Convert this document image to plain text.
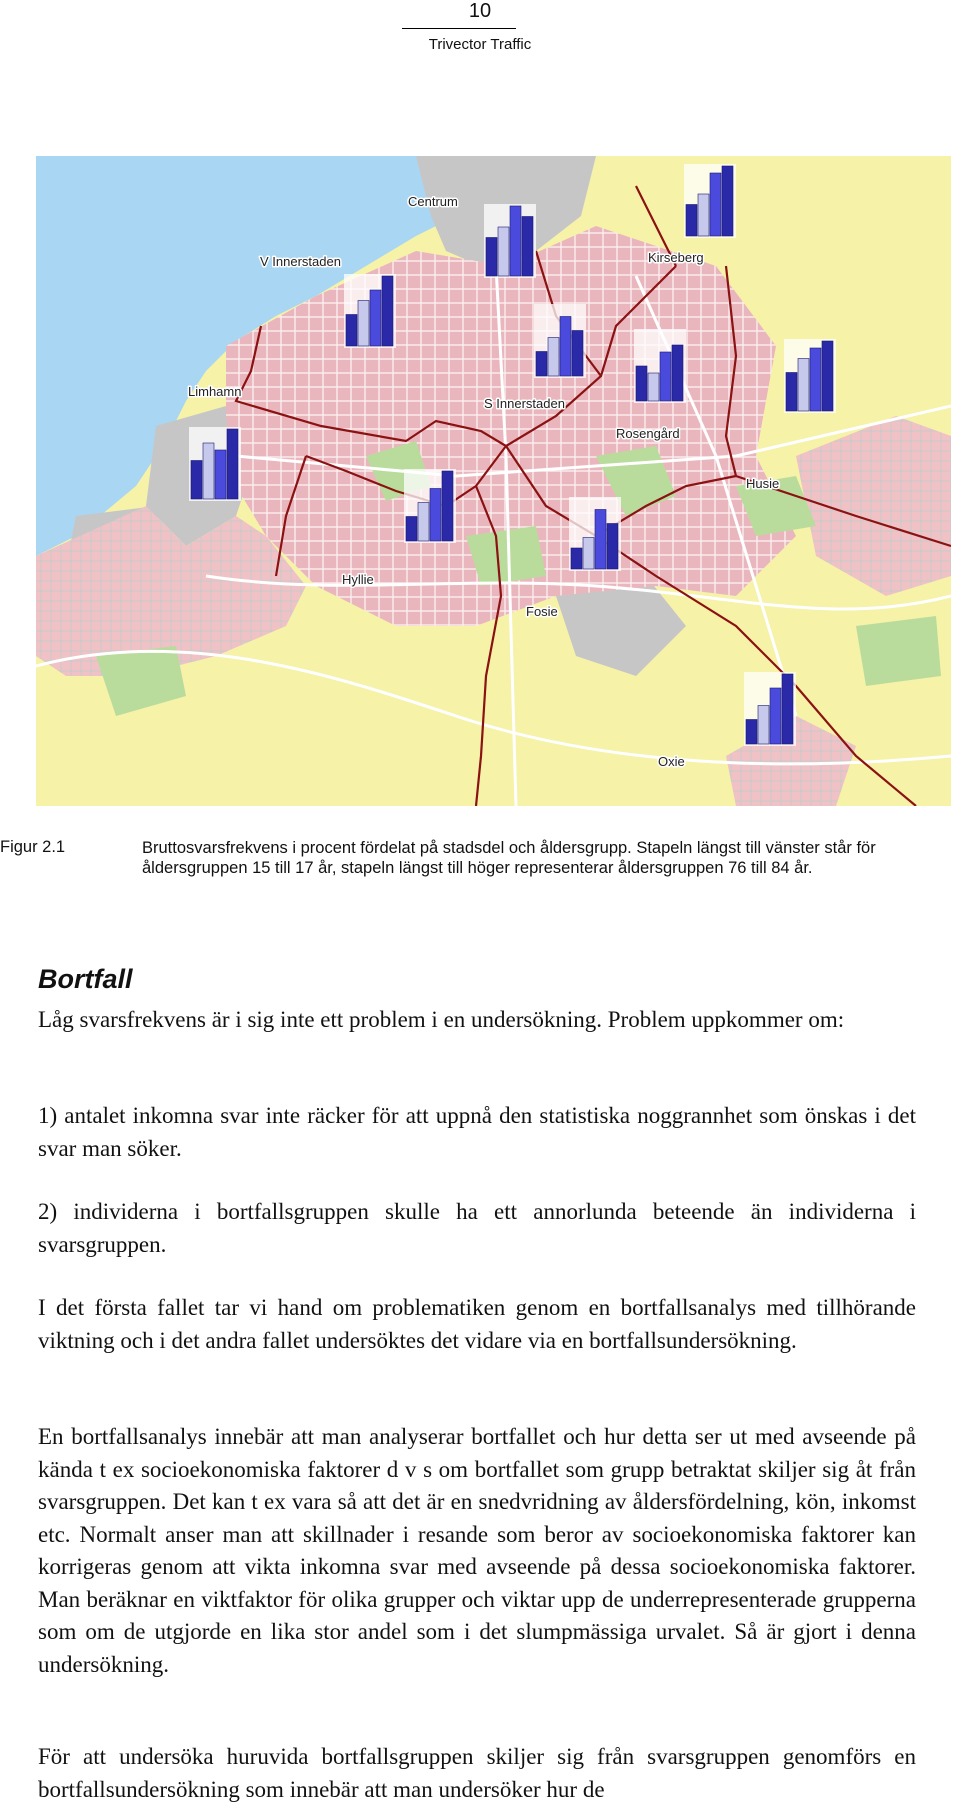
10
Trivector Traffic
Centrum
V Innerstaden	Kirseberg
Limhamn
S Innerstaden
Rosengård
Husie
Hyllie
Fosie
Oxie
Figur 2.1	Bruttosvarsfrekvens i procent fördelat på stadsdel och åldersgrupp. Stapeln längst till vänster står för åldersgruppen 15 till 17 år, stapeln längst till höger representerar åldersgruppen 76 till 84 år.
Bortfall

Låg svarsfrekvens är i sig inte ett problem i en undersökning. Problem uppkommer om:

1) antalet inkomna svar inte räcker för att uppnå den statistiska noggrannhet som önskas i det svar man söker.

2) individerna i bortfallsgruppen skulle ha ett annorlunda beteende än individerna i svarsgruppen.

I det första fallet tar vi hand om problematiken genom en bortfallsanalys med tillhörande viktning och i det andra fallet undersöktes det vidare via en bortfallsundersökning.

En bortfallsanalys innebär att man analyserar bortfallet och hur detta ser ut med avseende på kända t ex socioekonomiska faktorer d v s om bortfallet som grupp betraktat skiljer sig åt från svarsgruppen. Det kan t ex vara så att det är en snedvridning av åldersfördelning, kön, inkomst etc. Normalt anser man att skillnader i resande som beror av socioekonomiska faktorer kan korrigeras genom att vikta inkomna svar med avseende på dessa socioekonomiska faktorer. Man beräknar en viktfaktor för olika grupper och viktar upp de underrepresenterade grupperna som om de utgjorde en lika stor andel som i det slumpmässiga urvalet. Så är gjort i denna undersökning.

För att undersöka huruvida bortfallsgruppen skiljer sig från svarsgruppen genomförs en bortfallsundersökning som innebär att man undersöker hur de
